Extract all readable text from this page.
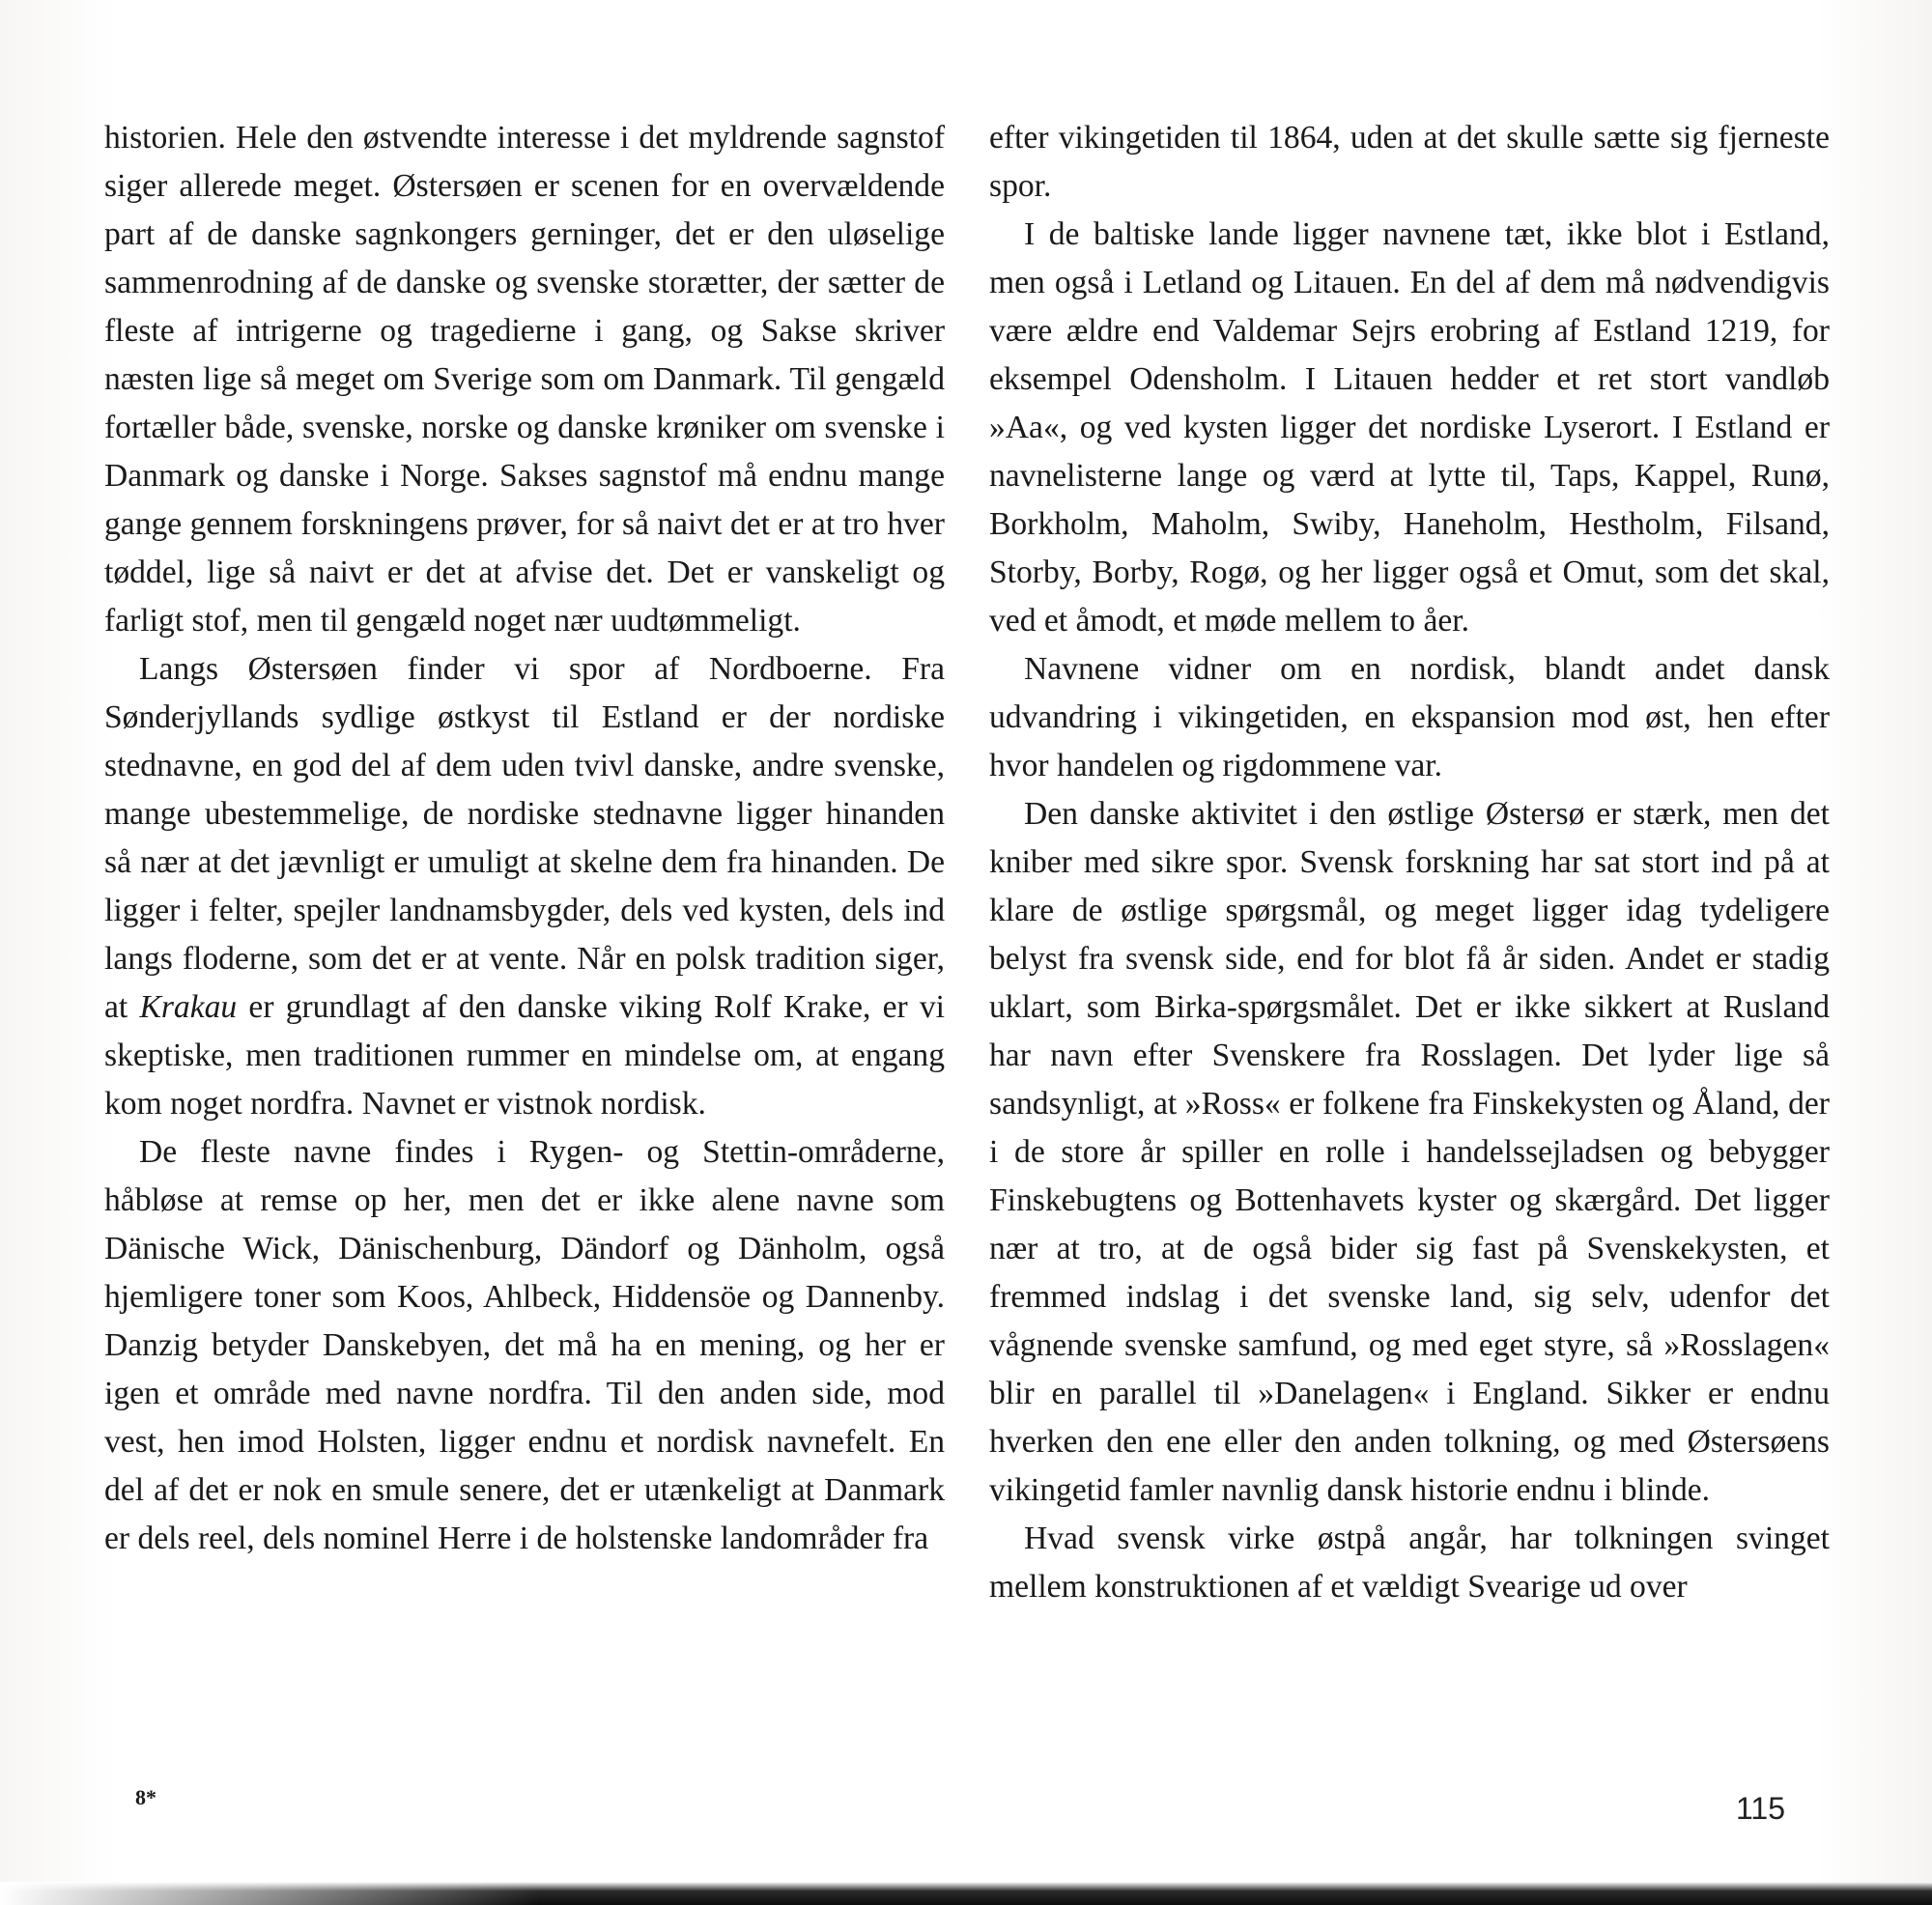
historien. Hele den østvendte interesse i det myldrende sagnstof siger allerede meget. Østersøen er scenen for en overvældende part af de danske sagnkongers gerninger, det er den uløselige sammenrodning af de danske og svenske storætter, der sætter de fleste af intrigerne og tragedierne i gang, og Sakse skriver næsten lige så meget om Sverige som om Danmark. Til gengæld fortæller både, svenske, norske og danske krøniker om svenske i Danmark og danske i Norge. Sakses sagnstof må endnu mange gange gennem forskningens prøver, for så naivt det er at tro hver tøddel, lige så naivt er det at afvise det. Det er vanskeligt og farligt stof, men til gengæld noget nær uudtømmeligt.

Langs Østersøen finder vi spor af Nordboerne. Fra Sønderjyllands sydlige østkyst til Estland er der nordiske stednavne, en god del af dem uden tvivl danske, andre svenske, mange ubestemmelige, de nordiske stednavne ligger hinanden så nær at det jævnligt er umuligt at skelne dem fra hinanden. De ligger i felter, spejler landnamsbygder, dels ved kysten, dels ind langs floderne, som det er at vente. Når en polsk tradition siger, at Krakau er grundlagt af den danske viking Rolf Krake, er vi skeptiske, men traditionen rummer en mindelse om, at engang kom noget nordfra. Navnet er vistnok nordisk.

De fleste navne findes i Rygen- og Stettin-områderne, håbløse at remse op her, men det er ikke alene navne som Dänische Wick, Dänischenburg, Dändorf og Dänholm, også hjemligere toner som Koos, Ahlbeck, Hiddensöe og Dannenby. Danzig betyder Danskebyen, det må ha en mening, og her er igen et område med navne nordfra. Til den anden side, mod vest, hen imod Holsten, ligger endnu et nordisk navnefelt. En del af det er nok en smule senere, det er utænkeligt at Danmark er dels reel, dels nominel Herre i de holstenske landområder fra

efter vikingetiden til 1864, uden at det skulle sætte sig fjerneste spor.

I de baltiske lande ligger navnene tæt, ikke blot i Estland, men også i Letland og Litauen. En del af dem må nødvendigvis være ældre end Valdemar Sejrs erobring af Estland 1219, for eksempel Odensholm. I Litauen hedder et ret stort vandløb »Aa«, og ved kysten ligger det nordiske Lyserort. I Estland er navnelisterne lange og værd at lytte til, Taps, Kappel, Runø, Borkholm, Maholm, Swiby, Haneholm, Hestholm, Filsand, Storby, Borby, Rogø, og her ligger også et Omut, som det skal, ved et åmodt, et møde mellem to åer.

Navnene vidner om en nordisk, blandt andet dansk udvandring i vikingetiden, en ekspansion mod øst, hen efter hvor handelen og rigdommene var.

Den danske aktivitet i den østlige Østersø er stærk, men det kniber med sikre spor. Svensk forskning har sat stort ind på at klare de østlige spørgsmål, og meget ligger idag tydeligere belyst fra svensk side, end for blot få år siden. Andet er stadig uklart, som Birka-spørgsmålet. Det er ikke sikkert at Rusland har navn efter Svenskere fra Rosslagen. Det lyder lige så sandsynligt, at »Ross« er folkene fra Finskekysten og Åland, der i de store år spiller en rolle i handelssejladsen og bebygger Finskebugtens og Bottenhavets kyster og skærgård. Det ligger nær at tro, at de også bider sig fast på Svenskekysten, et fremmed indslag i det svenske land, sig selv, udenfor det vågnende svenske samfund, og med eget styre, så »Rosslagen« blir en parallel til »Danelagen« i England. Sikker er endnu hverken den ene eller den anden tolkning, og med Østersøens vikingetid famler navnlig dansk historie endnu i blinde.

Hvad svensk virke østpå angår, har tolkningen svinget mellem konstruktionen af et vældigt Svearige ud over

8*	115
